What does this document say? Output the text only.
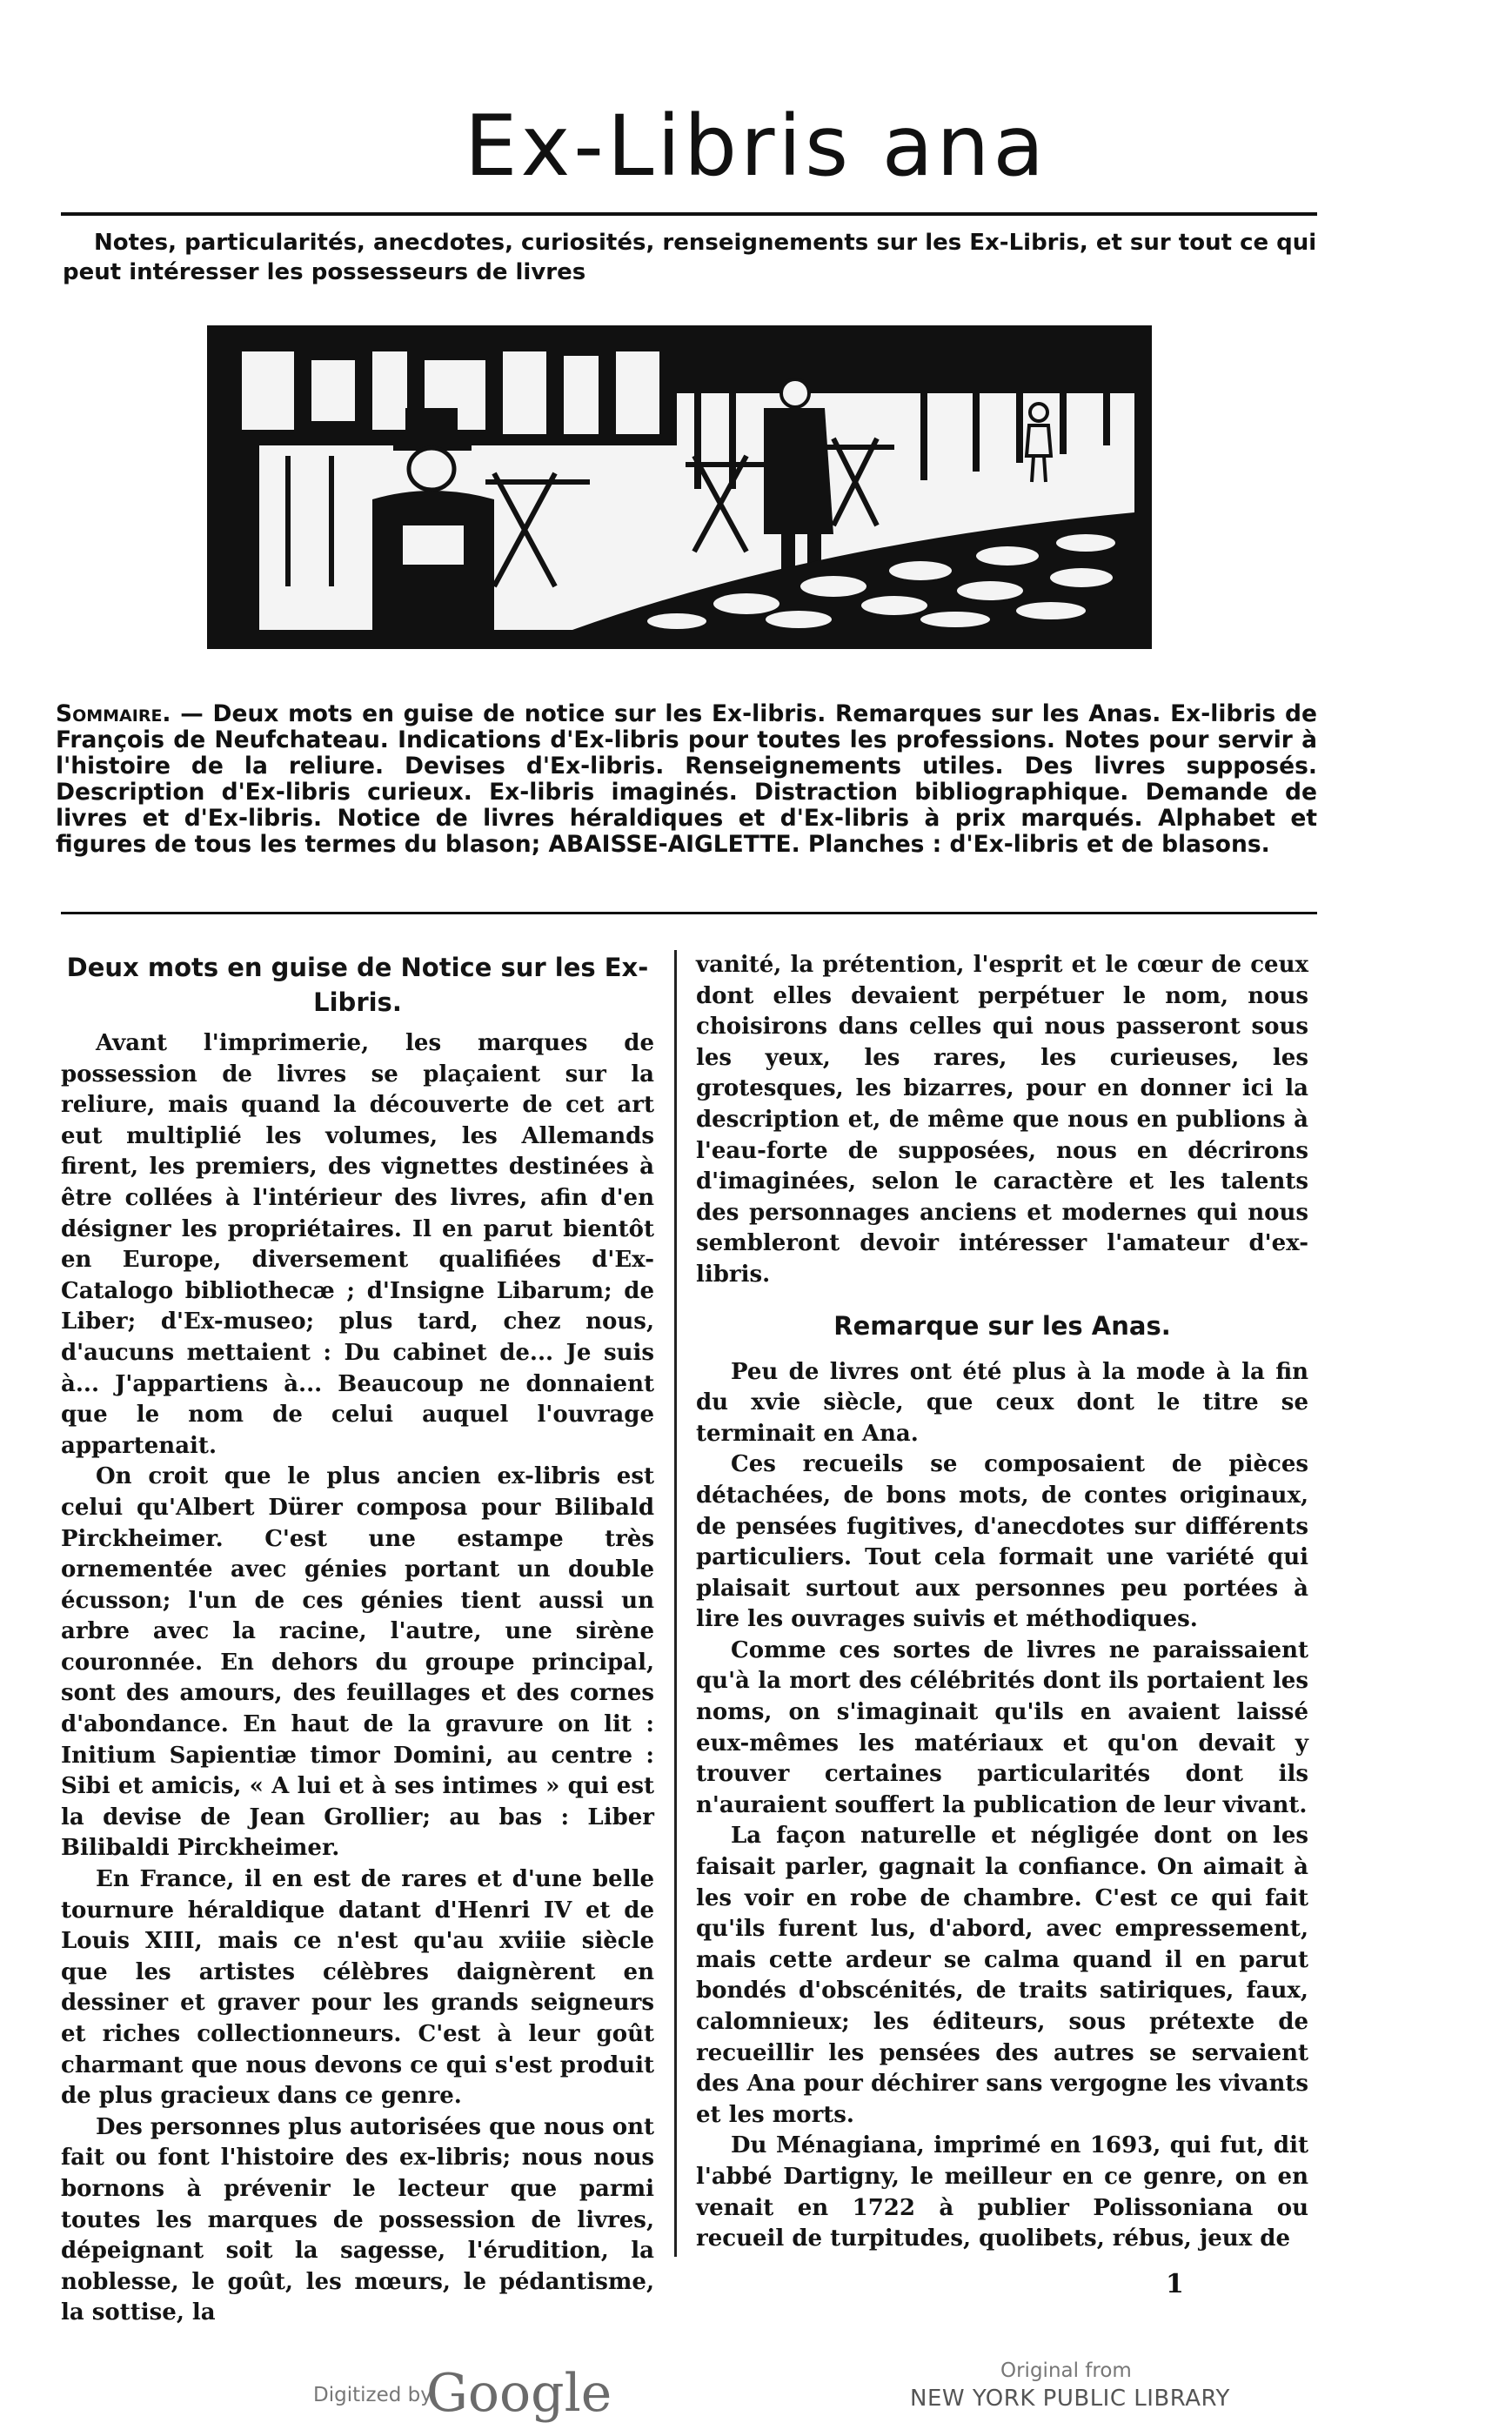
Ex-Libris ana

Notes, particularités, anecdotes, curiosités, renseignements sur les Ex-Libris, et sur tout ce qui peut intéresser les possesseurs de livres

Sommaire. — Deux mots en guise de notice sur les Ex-libris. Remarques sur les Anas. Ex-libris de François de Neufchateau. Indications d'Ex-libris pour toutes les professions. Notes pour servir à l'histoire de la reliure. Devises d'Ex-libris. Renseignements utiles. Des livres supposés. Description d'Ex-libris curieux. Ex-libris imaginés. Distraction bibliographique. Demande de livres et d'Ex-libris. Notice de livres héraldiques et d'Ex-libris à prix marqués. Alphabet et figures de tous les termes du blason; ABAISSE-AIGLETTE. Planches : d'Ex-libris et de blasons.

Deux mots en guise de Notice sur les Ex-Libris.

Avant l'imprimerie, les marques de possession de livres se plaçaient sur la reliure, mais quand la découverte de cet art eut multiplié les volumes, les Allemands firent, les premiers, des vignettes destinées à être collées à l'intérieur des livres, afin d'en désigner les propriétaires. Il en parut bientôt en Europe, diversement qualifiées d'Ex-Catalogo bibliothecæ ; d'Insigne Libarum; de Liber; d'Ex-museo; plus tard, chez nous, d'aucuns mettaient : Du cabinet de... Je suis à... J'appartiens à... Beaucoup ne donnaient que le nom de celui auquel l'ouvrage appartenait.

On croit que le plus ancien ex-libris est celui qu'Albert Dürer composa pour Bilibald Pirckheimer. C'est une estampe très ornementée avec génies portant un double écusson; l'un de ces génies tient aussi un arbre avec la racine, l'autre, une sirène couronnée. En dehors du groupe principal, sont des amours, des feuillages et des cornes d'abondance. En haut de la gravure on lit : Initium Sapientiæ timor Domini, au centre : Sibi et amicis, « A lui et à ses intimes » qui est la devise de Jean Grollier; au bas : Liber Bilibaldi Pirckheimer.

En France, il en est de rares et d'une belle tournure héraldique datant d'Henri IV et de Louis XIII, mais ce n'est qu'au xviiie siècle que les artistes célèbres daignèrent en dessiner et graver pour les grands seigneurs et riches collectionneurs. C'est à leur goût charmant que nous devons ce qui s'est produit de plus gracieux dans ce genre.

Des personnes plus autorisées que nous ont fait ou font l'histoire des ex-libris; nous nous bornons à prévenir le lecteur que parmi toutes les marques de possession de livres, dépeignant soit la sagesse, l'érudition, la noblesse, le goût, les mœurs, le pédantisme, la sottise, la

vanité, la prétention, l'esprit et le cœur de ceux dont elles devaient perpétuer le nom, nous choisirons dans celles qui nous passeront sous les yeux, les rares, les curieuses, les grotesques, les bizarres, pour en donner ici la description et, de même que nous en publions à l'eau-forte de supposées, nous en décrirons d'imaginées, selon le caractère et les talents des personnages anciens et modernes qui nous sembleront devoir intéresser l'amateur d'ex-libris.

Remarque sur les Anas.

Peu de livres ont été plus à la mode à la fin du xvie siècle, que ceux dont le titre se terminait en Ana.

Ces recueils se composaient de pièces détachées, de bons mots, de contes originaux, de pensées fugitives, d'anecdotes sur différents particuliers. Tout cela formait une variété qui plaisait surtout aux personnes peu portées à lire les ouvrages suivis et méthodiques.

Comme ces sortes de livres ne paraissaient qu'à la mort des célébrités dont ils portaient les noms, on s'imaginait qu'ils en avaient laissé eux-mêmes les matériaux et qu'on devait y trouver certaines particularités dont ils n'auraient souffert la publication de leur vivant.

La façon naturelle et négligée dont on les faisait parler, gagnait la confiance. On aimait à les voir en robe de chambre. C'est ce qui fait qu'ils furent lus, d'abord, avec empressement, mais cette ardeur se calma quand il en parut bondés d'obscénités, de traits satiriques, faux, calomnieux; les éditeurs, sous prétexte de recueillir les pensées des autres se servaient des Ana pour déchirer sans vergogne les vivants et les morts.

Du Ménagiana, imprimé en 1693, qui fut, dit l'abbé Dartigny, le meilleur en ce genre, on en venait en 1722 à publier Polissoniana ou recueil de turpitudes, quolibets, rébus, jeux de

1

Digitized by
Google	Original from
NEW YORK PUBLIC LIBRARY
